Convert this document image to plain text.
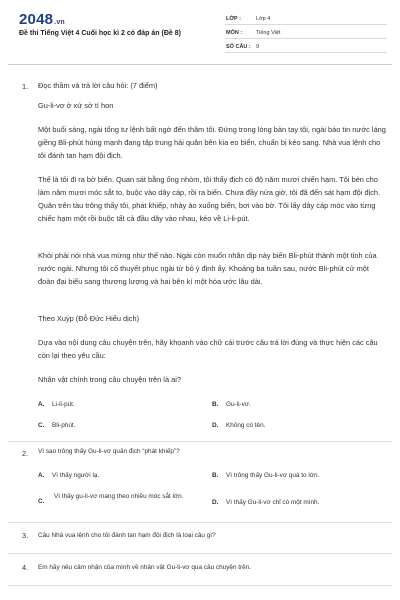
2048.vn
Đề thi Tiếng Việt 4 Cuối học kì 2 có đáp án (Đề 8)
LỚP :	Lớp 4
MÔN :	Tiếng Việt
SỐ CÂU : 9
1. Đọc thầm và trả lời câu hỏi: (7 điểm)

Gu-li-vơ ở xứ sở tí hon

Một buổi sáng, ngài tổng tư lệnh bất ngờ đến thăm tôi. Đứng trong lòng bàn tay tôi, ngài báo tin nước láng giềng Bli-phút hùng mạnh đang tập trung hải quân bên kia eo biển, chuẩn bị kéo sang. Nhà vua lệnh cho tôi đánh tan hạm đội địch.

Thế là tôi đi ra bờ biển. Quan sát bằng ống nhòm, tôi thấy địch có độ năm mươi chiến hạm. Tôi bèn cho làm năm mươi móc sắt to, buộc vào dây cáp, rồi ra biển. Chưa đầy nửa giờ, tôi đã đến sát hạm đội địch. Quân trên tàu trông thấy tôi, phát khiếp, nhảy ào xuống biển, bơi vào bờ. Tôi lấy dây cáp móc vào từng chiếc hạm một rồi buộc tất cả đầu dây vào nhau, kéo về Li-li-pút.

Khỏi phải nói nhà vua mừng như thế nào. Ngài còn muốn nhân dịp này biến Bli-phút thành một tỉnh của nước ngài. Nhưng tôi cố thuyết phục ngài từ bỏ ý định ấy. Khoảng ba tuần sau, nước Bli-phút cử một đoàn đại biểu sang thương lượng và hai bên kí một hòa ước lâu dài.

Theo Xuýp (Đỗ Đức Hiểu dịch)

Dựa vào nội dung câu chuyện trên, hãy khoanh vào chữ cái trước câu trả lời đúng và thực hiện các câu còn lại theo yêu cầu:

Nhân vật chính trong câu chuyện trên là ai?

A. Li-li-pút.	B. Gu-li-vơ.
C. Bli-phút.	D. Không có tên.
2. Vì sao trông thấy Gu-li-vơ quân địch “phát khiếp”?
A. Vì thấy người lạ.	B. Vì trông thấy Gu-li-vơ quá to lớn.
C.
Vì thấy gu-li-vơ mang theo nhiều móc sắt lớn.
D. Vì thấy Gu-li-vơ chỉ có một mình.
3. Câu Nhà vua lệnh cho tôi đánh tan hạm đội địch là loại câu gì?
4. Em hãy nêu cảm nhận của mình về nhân vật Gu-li-vơ qua câu chuyện trên.
